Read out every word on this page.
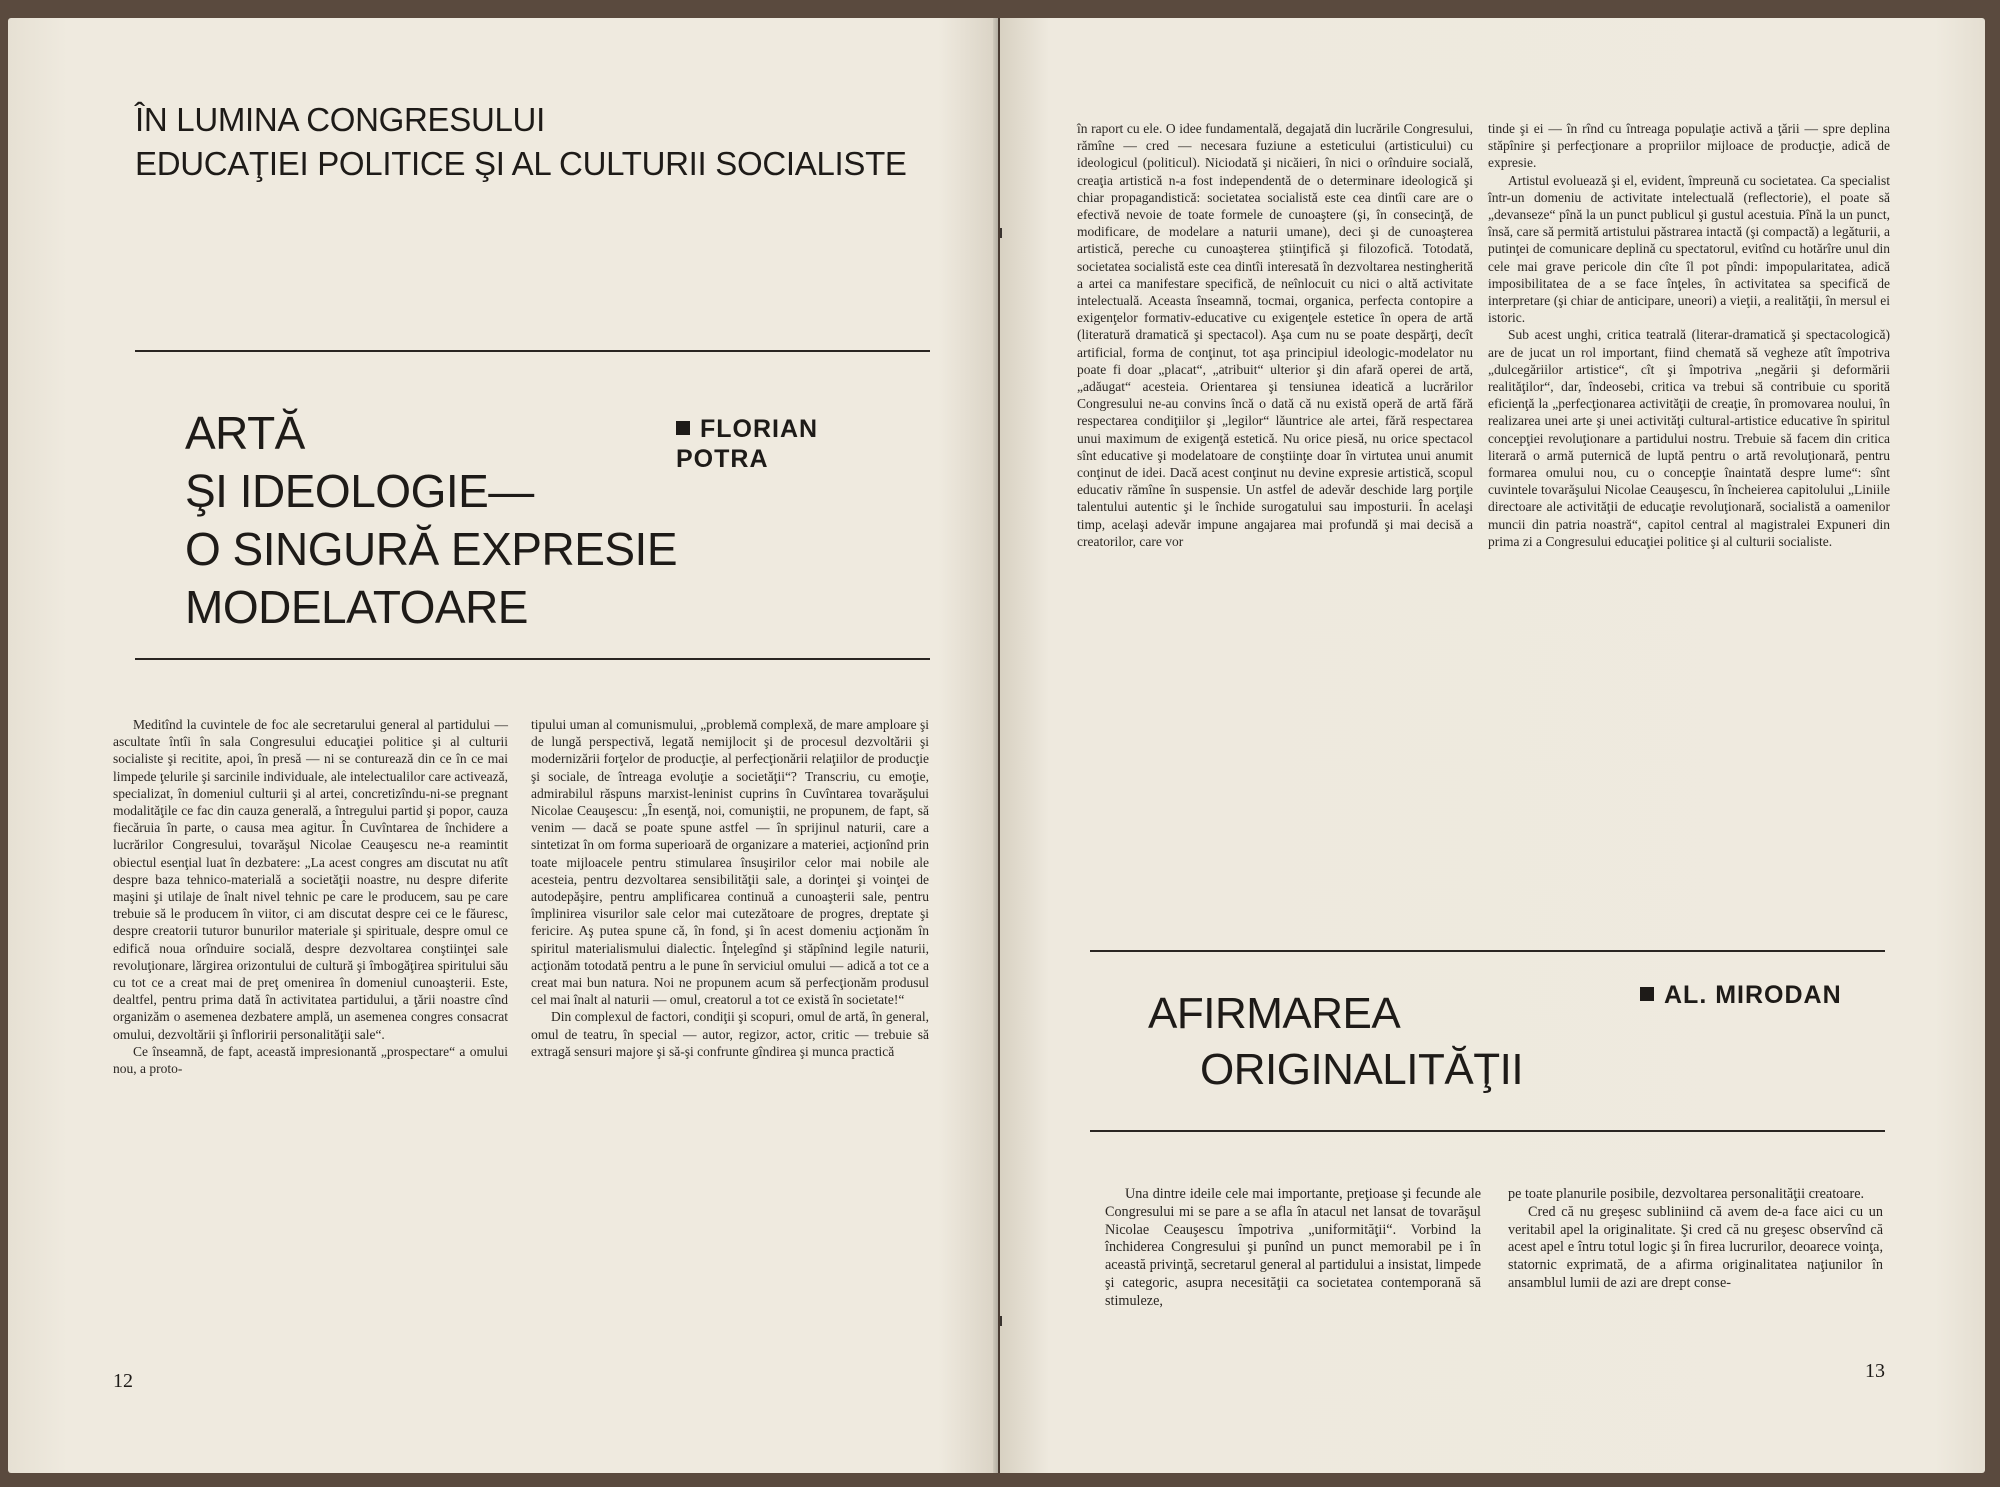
ÎN LUMINA CONGRESULUI
EDUCAŢIEI POLITICE ŞI AL CULTURII SOCIALISTE
ARTĂ
ŞI IDEOLOGIE—
O SINGURĂ EXPRESIE
MODELATOARE
FLORIAN POTRA

Meditînd la cuvintele de foc ale secretarului general al partidului — ascultate întîi în sala Congresului educaţiei politice şi al culturii socialiste şi recitite, apoi, în presă — ni se conturează din ce în ce mai limpede ţelurile şi sarcinile individuale, ale intelectualilor care activează, specializat, în domeniul culturii şi al artei, concretizîndu-ni-se pregnant modalităţile ce fac din cauza generală, a întregului partid şi popor, cauza fiecăruia în parte, o causa mea agitur. În Cuvîntarea de închidere a lucrărilor Congresului, tovarăşul Nicolae Ceauşescu ne-a reamintit obiectul esenţial luat în dezbatere: „La acest congres am discutat nu atît despre baza tehnico-materială a societăţii noastre, nu despre diferite maşini şi utilaje de înalt nivel tehnic pe care le producem, sau pe care trebuie să le producem în viitor, ci am discutat despre cei ce le făuresc, despre creatorii tuturor bunurilor materiale şi spirituale, despre omul ce edifică noua orînduire socială, despre dezvoltarea conştiinţei sale revoluţionare, lărgirea orizontului de cultură şi îmbogăţirea spiritului său cu tot ce a creat mai de preţ omenirea în domeniul cunoaşterii. Este, dealtfel, pentru prima dată în activitatea partidului, a ţării noastre cînd organizăm o asemenea dezbatere amplă, un asemenea congres consacrat omului, dezvoltării şi înfloririi personalităţii sale“.

Ce înseamnă, de fapt, această impresionantă „prospectare“ a omului nou, a proto-

tipului uman al comunismului, „problemă complexă, de mare amploare şi de lungă perspectivă, legată nemijlocit şi de procesul dezvoltării şi modernizării forţelor de producţie, al perfecţionării relaţiilor de producţie şi sociale, de întreaga evoluţie a societăţii“? Transcriu, cu emoţie, admirabilul răspuns marxist-leninist cuprins în Cuvîntarea tovarăşului Nicolae Ceauşescu: „În esenţă, noi, comuniştii, ne propunem, de fapt, să venim — dacă se poate spune astfel — în sprijinul naturii, care a sintetizat în om forma superioară de organizare a materiei, acţionînd prin toate mijloacele pentru stimularea însuşirilor celor mai nobile ale acesteia, pentru dezvoltarea sensibilităţii sale, a dorinţei şi voinţei de autodepăşire, pentru amplificarea continuă a cunoaşterii sale, pentru împlinirea visurilor sale celor mai cutezătoare de progres, dreptate şi fericire. Aş putea spune că, în fond, şi în acest domeniu acţionăm în spiritul materialismului dialectic. Înţelegînd şi stăpînind legile naturii, acţionăm totodată pentru a le pune în serviciul omului — adică a tot ce a creat mai bun natura. Noi ne propunem acum să perfecţionăm produsul cel mai înalt al naturii — omul, creatorul a tot ce există în societate!“

Din complexul de factori, condiţii şi scopuri, omul de artă, în general, omul de teatru, în special — autor, regizor, actor, critic — trebuie să extragă sensuri majore şi să-şi confrunte gîndirea şi munca practică

12

în raport cu ele. O idee fundamentală, degajată din lucrările Congresului, rămîne — cred — necesara fuziune a esteticului (artisticului) cu ideologicul (politicul). Niciodată şi nicăieri, în nici o orînduire socială, creaţia artistică n-a fost independentă de o determinare ideologică şi chiar propagandistică: societatea socialistă este cea dintîi care are o efectivă nevoie de toate formele de cunoaştere (şi, în consecinţă, de modificare, de modelare a naturii umane), deci şi de cunoaşterea artistică, pereche cu cunoaşterea ştiinţifică şi filozofică. Totodată, societatea socialistă este cea dintîi interesată în dezvoltarea nestingherită a artei ca manifestare specifică, de neînlocuit cu nici o altă activitate intelectuală. Aceasta înseamnă, tocmai, organica, perfecta contopire a exigenţelor formativ-educative cu exigenţele estetice în opera de artă (literatură dramatică şi spectacol). Aşa cum nu se poate despărţi, decît artificial, forma de conţinut, tot aşa principiul ideologic-modelator nu poate fi doar „placat“, „atribuit“ ulterior şi din afară operei de artă, „adăugat“ acesteia. Orientarea şi tensiunea ideatică a lucrărilor Congresului ne-au convins încă o dată că nu există operă de artă fără respectarea condiţiilor şi „legilor“ lăuntrice ale artei, fără respectarea unui maximum de exigenţă estetică. Nu orice piesă, nu orice spectacol sînt educative şi modelatoare de conştiinţe doar în virtutea unui anumit conţinut de idei. Dacă acest conţinut nu devine expresie artistică, scopul educativ rămîne în suspensie. Un astfel de adevăr deschide larg porţile talentului autentic şi le închide surogatului sau imposturii. În acelaşi timp, acelaşi adevăr impune angajarea mai profundă şi mai decisă a creatorilor, care vor

tinde şi ei — în rînd cu întreaga populaţie activă a ţării — spre deplina stăpînire şi perfecţionare a propriilor mijloace de producţie, adică de expresie.

Artistul evoluează şi el, evident, împreună cu societatea. Ca specialist într-un domeniu de activitate intelectuală (reflectorie), el poate să „devanseze“ pînă la un punct publicul şi gustul acestuia. Pînă la un punct, însă, care să permită artistului păstrarea intactă (şi compactă) a legăturii, a putinţei de comunicare deplină cu spectatorul, evitînd cu hotărîre unul din cele mai grave pericole din cîte îl pot pîndi: impopularitatea, adică imposibilitatea de a se face înţeles, în activitatea sa specifică de interpretare (şi chiar de anticipare, uneori) a vieţii, a realităţii, în mersul ei istoric.

Sub acest unghi, critica teatrală (literar-dramatică şi spectacologică) are de jucat un rol important, fiind chemată să vegheze atît împotriva „dulcegăriilor artistice“, cît şi împotriva „negării şi deformării realităţilor“, dar, îndeosebi, critica va trebui să contribuie cu sporită eficienţă la „perfecţionarea activităţii de creaţie, în promovarea noului, în realizarea unei arte şi unei activităţi cultural-artistice educative în spiritul concepţiei revoluţionare a partidului nostru. Trebuie să facem din critica literară o armă puternică de luptă pentru o artă revoluţionară, pentru formarea omului nou, cu o concepţie înaintată despre lume“: sînt cuvintele tovarăşului Nicolae Ceauşescu, în încheierea capitolului „Liniile directoare ale activităţii de educaţie revoluţionară, socialistă a oamenilor muncii din patria noastră“, capitol central al magistralei Expuneri din prima zi a Congresului educaţiei politice şi al culturii socialiste.

AFIRMAREA
ORIGINALITĂŢII
AL. MIRODAN

Una dintre ideile cele mai importante, preţioase şi fecunde ale Congresului mi se pare a se afla în atacul net lansat de tovarăşul Nicolae Ceauşescu împotriva „uniformităţii“. Vorbind la închiderea Congresului şi punînd un punct memorabil pe i în această privinţă, secretarul general al partidului a insistat, limpede şi categoric, asupra necesităţii ca societatea contemporană să stimuleze,

pe toate planurile posibile, dezvoltarea personalităţii creatoare.

Cred că nu greşesc subliniind că avem de-a face aici cu un veritabil apel la originalitate. Şi cred că nu greşesc observînd că acest apel e întru totul logic şi în firea lucrurilor, deoarece voinţa, statornic exprimată, de a afirma originalitatea naţiunilor în ansamblul lumii de azi are drept conse-

13
